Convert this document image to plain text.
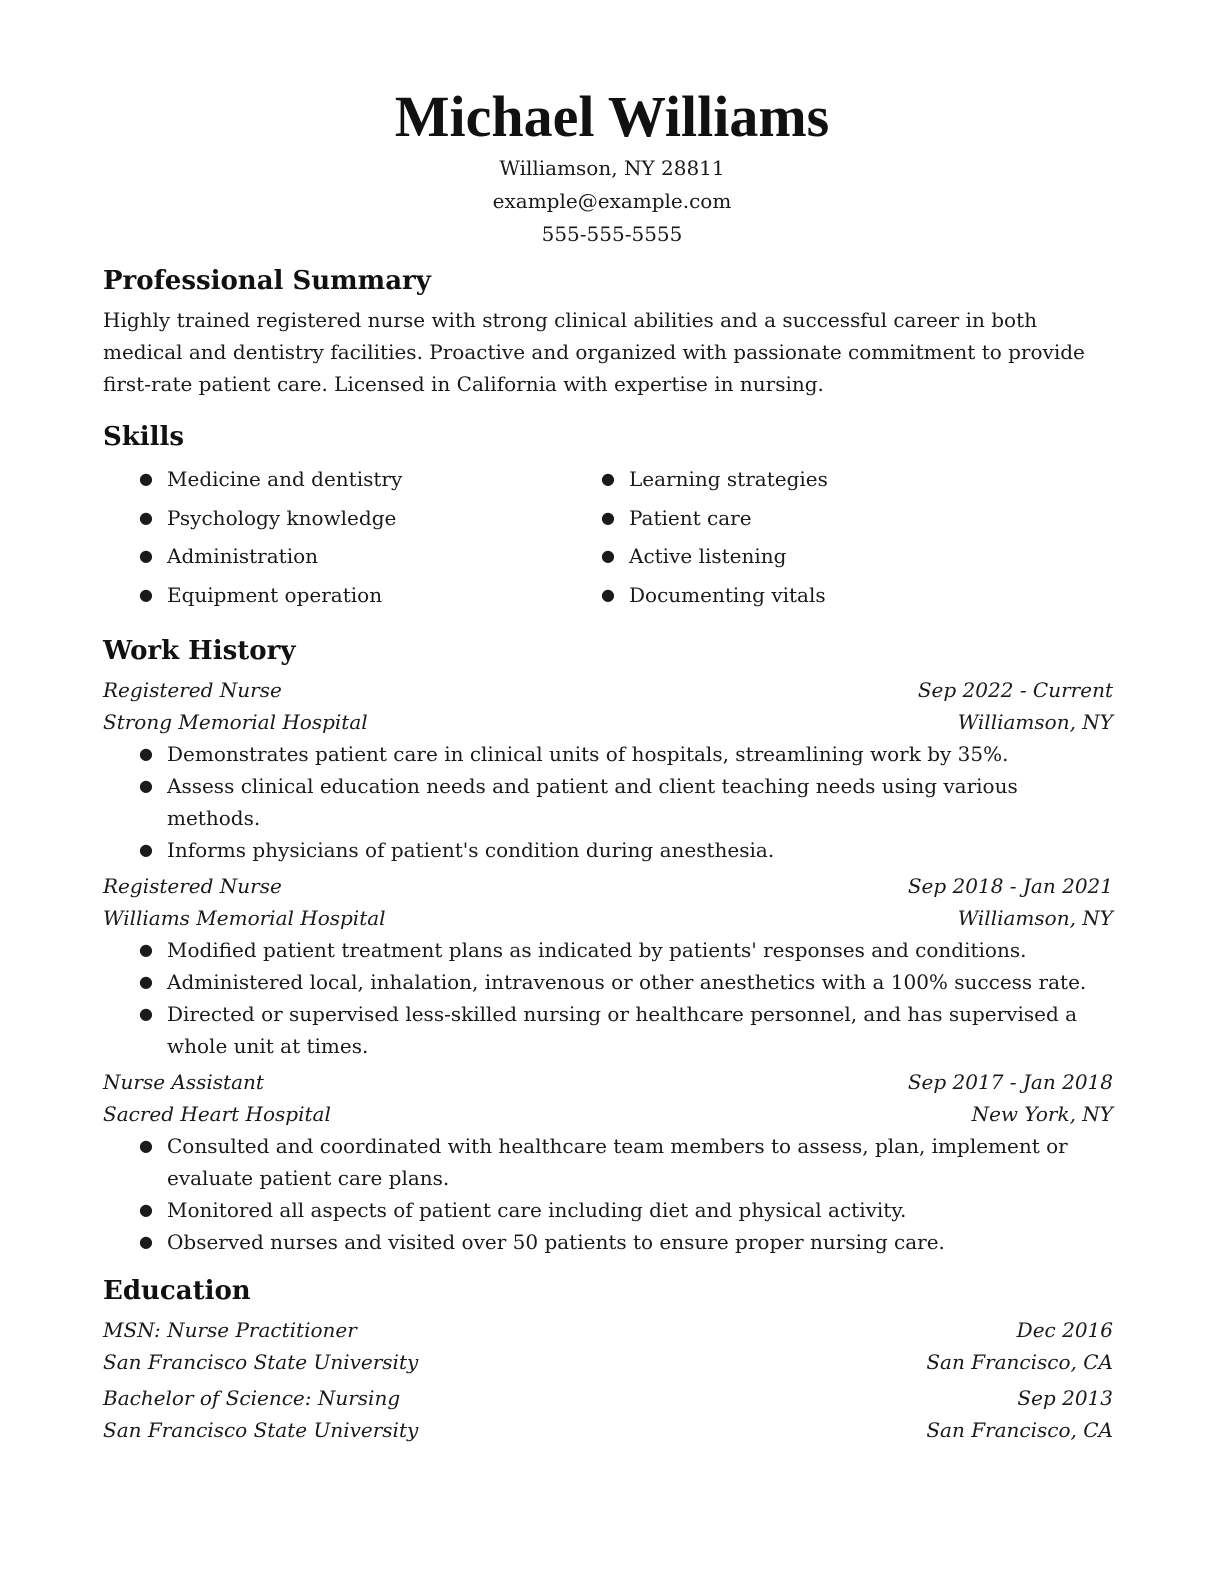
Michael Williams
Williamson, NY 28811
example@example.com
555-555-5555
Professional Summary

Highly trained registered nurse with strong clinical abilities and a successful career in both medical and dentistry facilities. Proactive and organized with passionate commitment to provide first-rate patient care. Licensed in California with expertise in nursing.

Skills
● Medicine and dentistry
● Psychology knowledge
● Administration
● Equipment operation
● Learning strategies
● Patient care
● Active listening
● Documenting vitals
Work History
Registered Nurse	Sep 2022 - Current
Strong Memorial Hospital	Williamson, NY
● Demonstrates patient care in clinical units of hospitals, streamlining work by 35%.
● Assess clinical education needs and patient and client teaching needs using various methods.
● Informs physicians of patient's condition during anesthesia.
Registered Nurse	Sep 2018 - Jan 2021
Williams Memorial Hospital	Williamson, NY
● Modified patient treatment plans as indicated by patients' responses and conditions.
● Administered local, inhalation, intravenous or other anesthetics with a 100% success rate.
● Directed or supervised less-skilled nursing or healthcare personnel, and has supervised a whole unit at times.
Nurse Assistant	Sep 2017 - Jan 2018
Sacred Heart Hospital	New York, NY
● Consulted and coordinated with healthcare team members to assess, plan, implement or evaluate patient care plans.
● Monitored all aspects of patient care including diet and physical activity.
● Observed nurses and visited over 50 patients to ensure proper nursing care.
Education
MSN: Nurse Practitioner	Dec 2016
San Francisco State University	San Francisco, CA
Bachelor of Science: Nursing	Sep 2013
San Francisco State University	San Francisco, CA
